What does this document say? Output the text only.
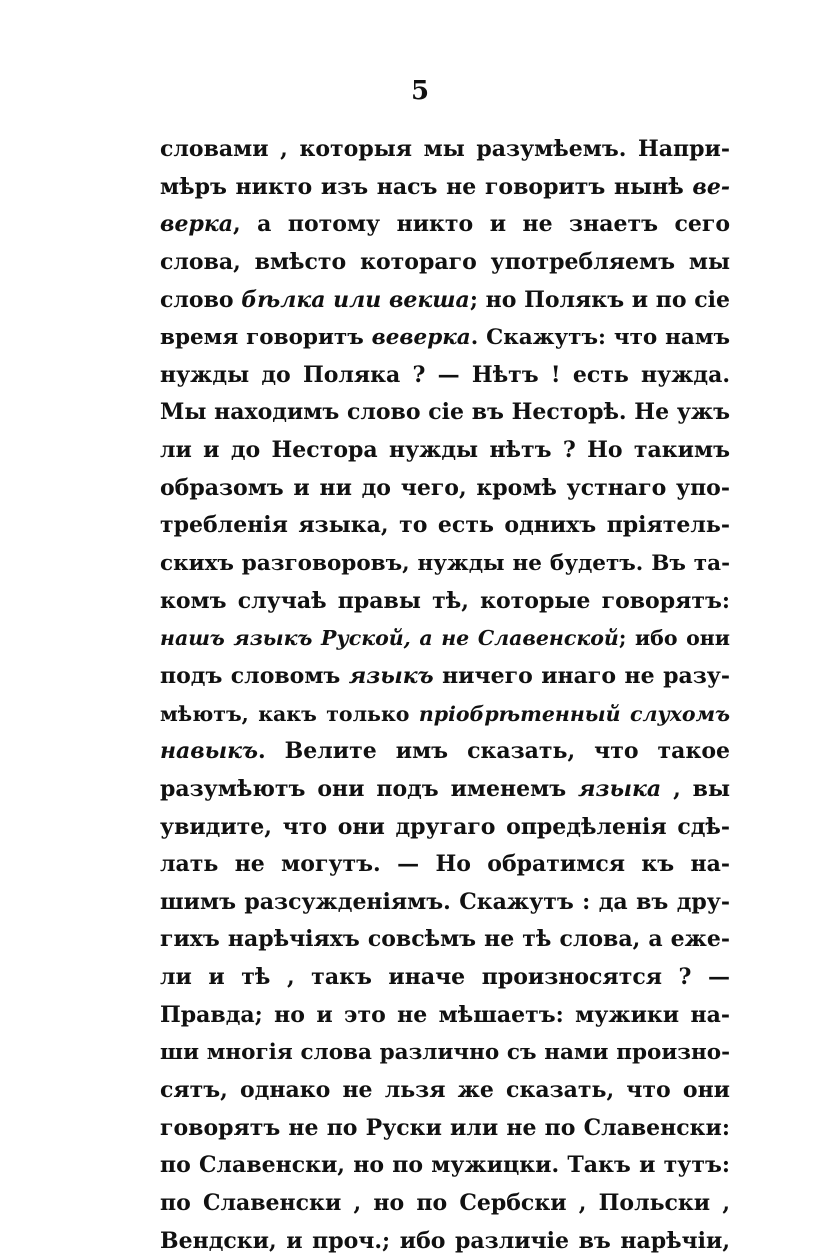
5
словами , которыя мы разумѣемъ. Напри-
мѣръ никто изъ насъ не говоритъ нынѣ ве-
верка, а потому никто и не знаетъ сего
слова, вмѣсто котораго употребляемъ мы
слово бѣлка или векша; но Полякъ и по сіе
время говоритъ веверка. Скажутъ: что намъ
нужды до Поляка ? — Нѣтъ ! есть нужда.
Мы находимъ слово сіе въ Несторѣ. Не ужъ
ли и до Нестора нужды нѣтъ ? Но такимъ
образомъ и ни до чего, кромѣ устнаго упо-
требленія языка, то есть однихъ пріятель-
скихъ разговоровъ, нужды не будетъ. Въ та-
комъ случаѣ правы тѣ, которые говорятъ:
нашъ языкъ Руской, а не Славенской; ибо они
подъ словомъ языкъ ничего инаго не разу-
мѣютъ, какъ только пріобрѣтенный слухомъ
навыкъ. Велите имъ сказать, что такое
разумѣютъ они подъ именемъ языка , вы
увидите, что они другаго опредѣленія сдѣ-
лать не могутъ. — Но обратимся къ на-
шимъ разсужденіямъ. Скажутъ : да въ дру-
гихъ нарѣчіяхъ совсѣмъ не тѣ слова, а ежe-
ли и тѣ , такъ иначе произносятся ? —
Правда; но и это не мѣшаетъ: мужики на-
ши многія слова различно съ нами произно-
сятъ, однако не льзя же сказать, что они
говорятъ не по Руски или не по Славенски:
по Славенски, но по мужицки. Такъ и тутъ:
по Славенски , но по Сербски , Польски ,
Вендски, и проч.; ибо различіе въ нарѣчіи,
